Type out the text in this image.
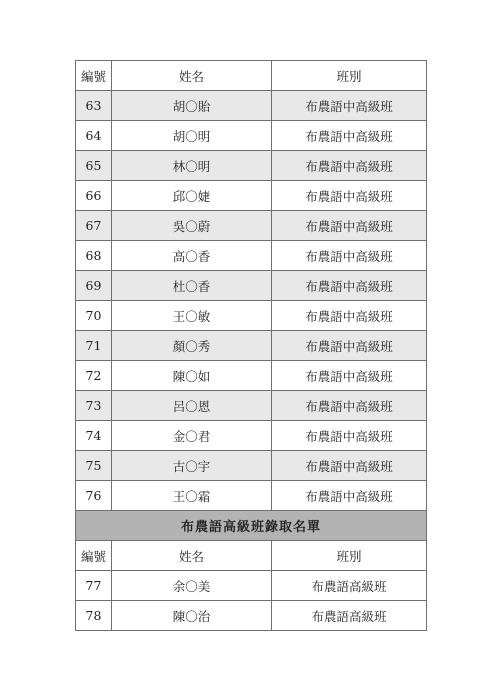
編號	姓名	班別
63	胡〇貽	布農語中高級班
64	胡〇明	布農語中高級班
65	林〇明	布農語中高級班
66	邱〇婕	布農語中高級班
67	吳〇蔚	布農語中高級班
68	高〇香	布農語中高級班
69	杜〇香	布農語中高級班
70	王〇敏	布農語中高級班
71	顏〇秀	布農語中高級班
72	陳〇如	布農語中高級班
73	呂〇恩	布農語中高級班
74	金〇君	布農語中高級班
75	古〇宇	布農語中高級班
76	王〇霜	布農語中高級班
布農語高級班錄取名單		
編號	姓名	班別
77	余〇美	布農語高級班
78	陳〇治	布農語高級班
